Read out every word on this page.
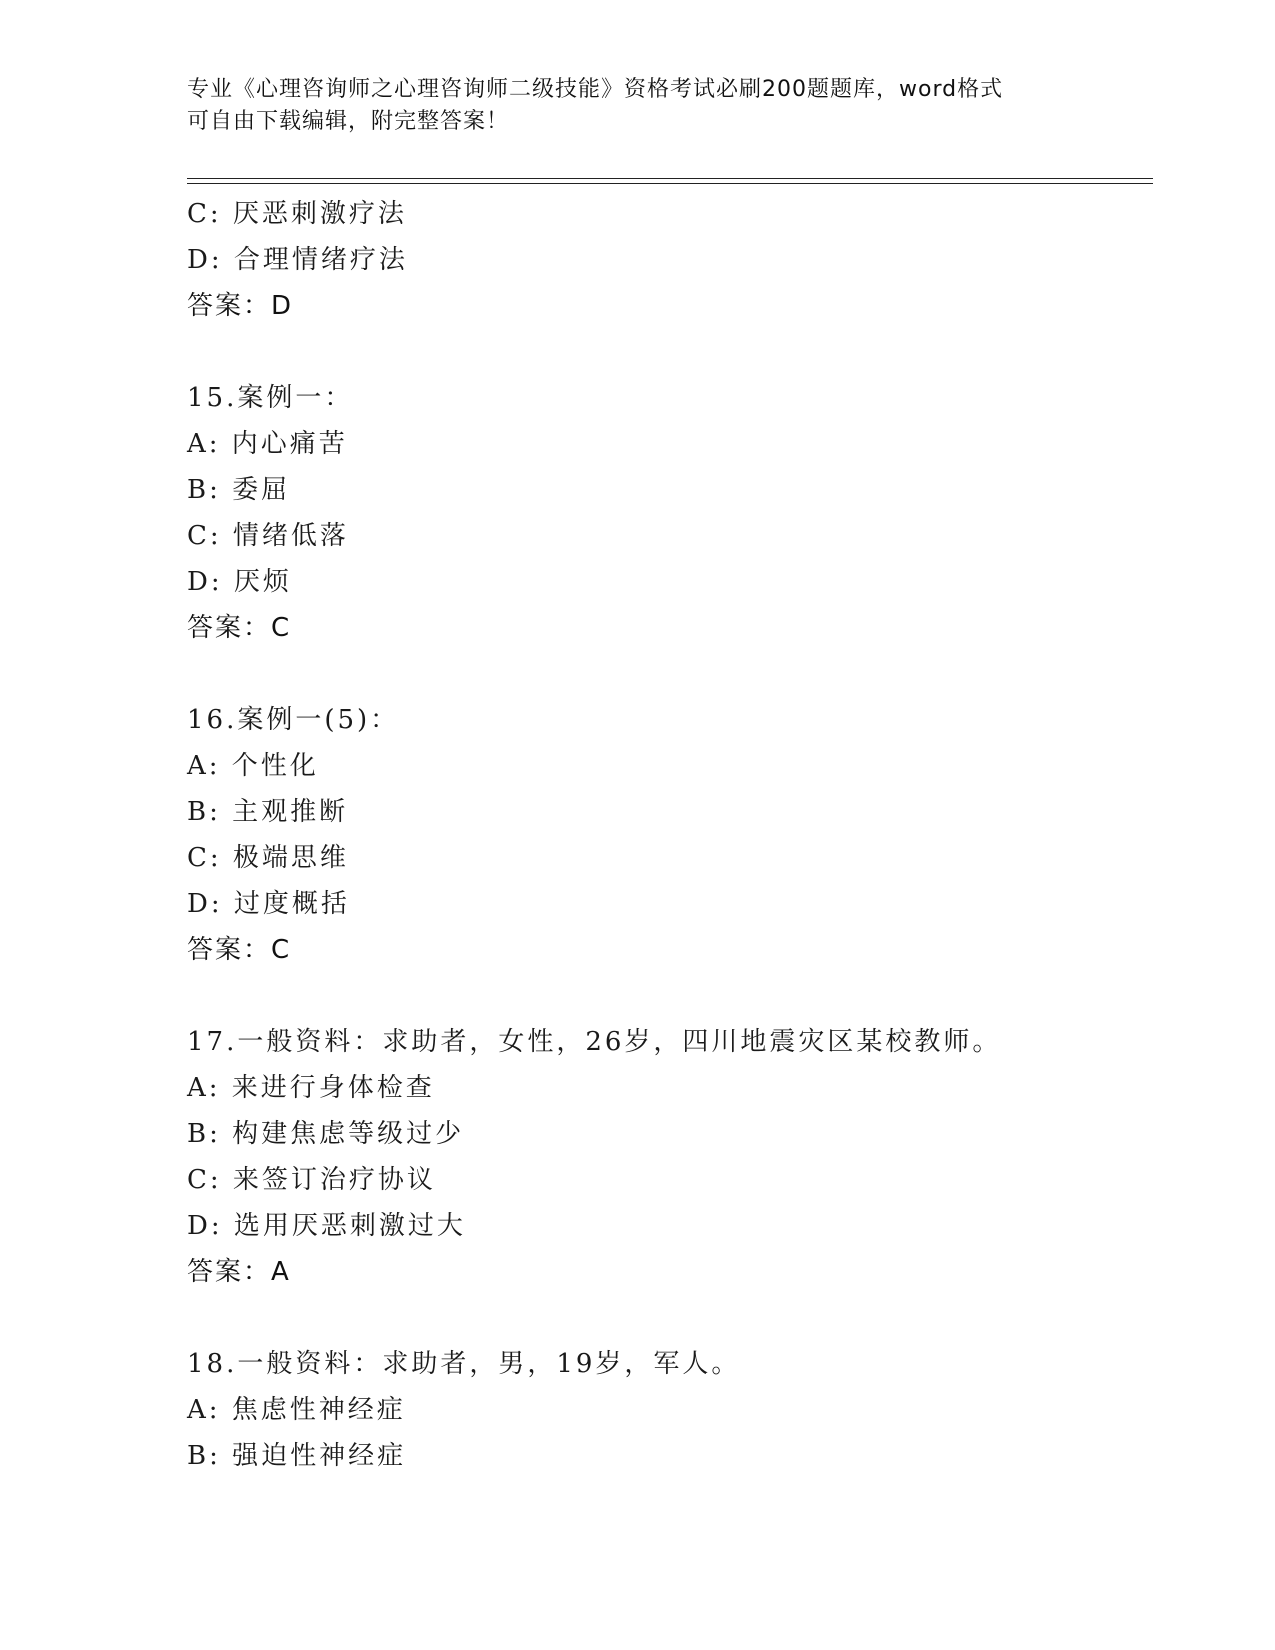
专业《心理咨询师之心理咨询师二级技能》资格考试必刷200题题库，word格式
可自由下载编辑，附完整答案！
C: 厌恶刺激疗法
D: 合理情绪疗法
答案：D
15.案例一：
A: 内心痛苦
B: 委屈
C: 情绪低落
D: 厌烦
答案：C
16.案例一(5)：
A: 个性化
B: 主观推断
C: 极端思维
D: 过度概括
答案：C
17.一般资料：求助者，女性，26岁，四川地震灾区某校教师。
A: 来进行身体检查
B: 构建焦虑等级过少
C: 来签订治疗协议
D: 选用厌恶刺激过大
答案：A
18.一般资料：求助者，男，19岁，军人。
A: 焦虑性神经症
B: 强迫性神经症
